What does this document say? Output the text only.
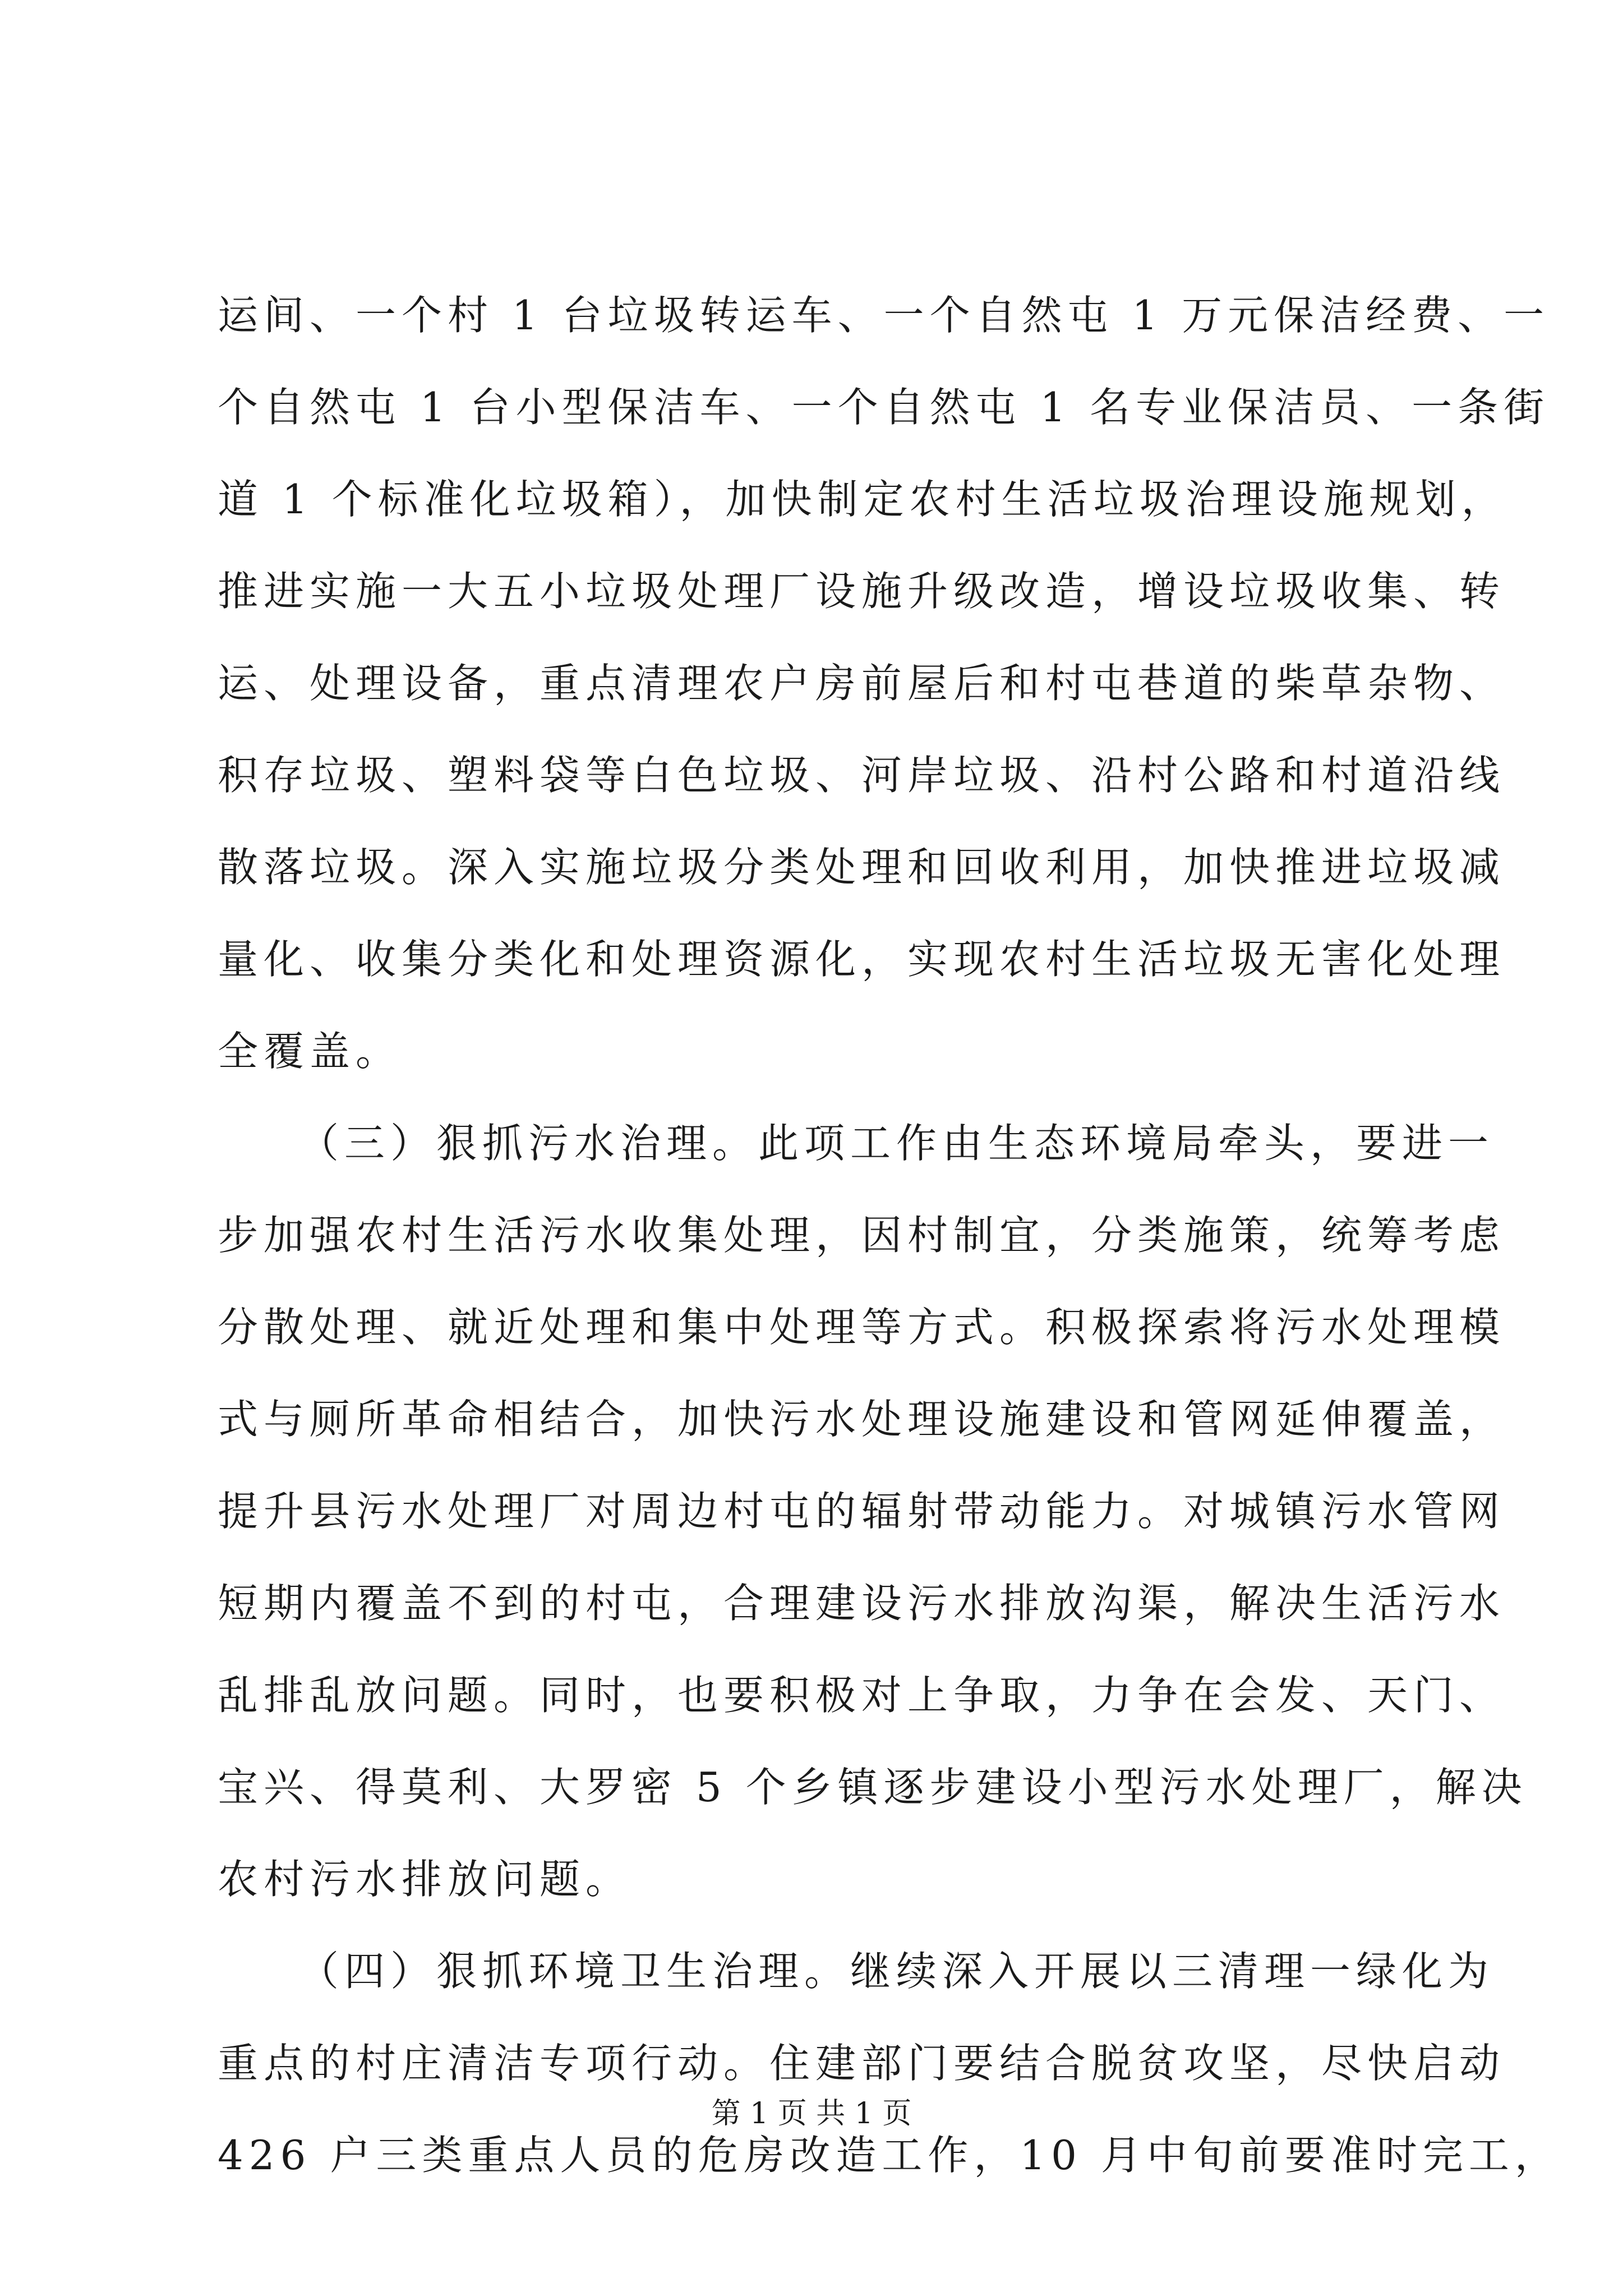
运间、一个村 1 台垃圾转运车、一个自然屯 1 万元保洁经费、一
个自然屯 1 台小型保洁车、一个自然屯 1 名专业保洁员、一条街
道 1 个标准化垃圾箱），加快制定农村生活垃圾治理设施规划，
推进实施一大五小垃圾处理厂设施升级改造，增设垃圾收集、转
运、处理设备，重点清理农户房前屋后和村屯巷道的柴草杂物、
积存垃圾、塑料袋等白色垃圾、河岸垃圾、沿村公路和村道沿线
散落垃圾。深入实施垃圾分类处理和回收利用，加快推进垃圾减
量化、收集分类化和处理资源化，实现农村生活垃圾无害化处理
全覆盖。
（三）狠抓污水治理。此项工作由生态环境局牵头，要进一
步加强农村生活污水收集处理，因村制宜，分类施策，统筹考虑
分散处理、就近处理和集中处理等方式。积极探索将污水处理模
式与厕所革命相结合，加快污水处理设施建设和管网延伸覆盖，
提升县污水处理厂对周边村屯的辐射带动能力。对城镇污水管网
短期内覆盖不到的村屯，合理建设污水排放沟渠，解决生活污水
乱排乱放问题。同时，也要积极对上争取，力争在会发、天门、
宝兴、得莫利、大罗密 5 个乡镇逐步建设小型污水处理厂，解决
农村污水排放问题。
（四）狠抓环境卫生治理。继续深入开展以三清理一绿化为
重点的村庄清洁专项行动。住建部门要结合脱贫攻坚，尽快启动
426 户三类重点人员的危房改造工作，10 月中旬前要准时完工，
第 1 页 共 1 页
